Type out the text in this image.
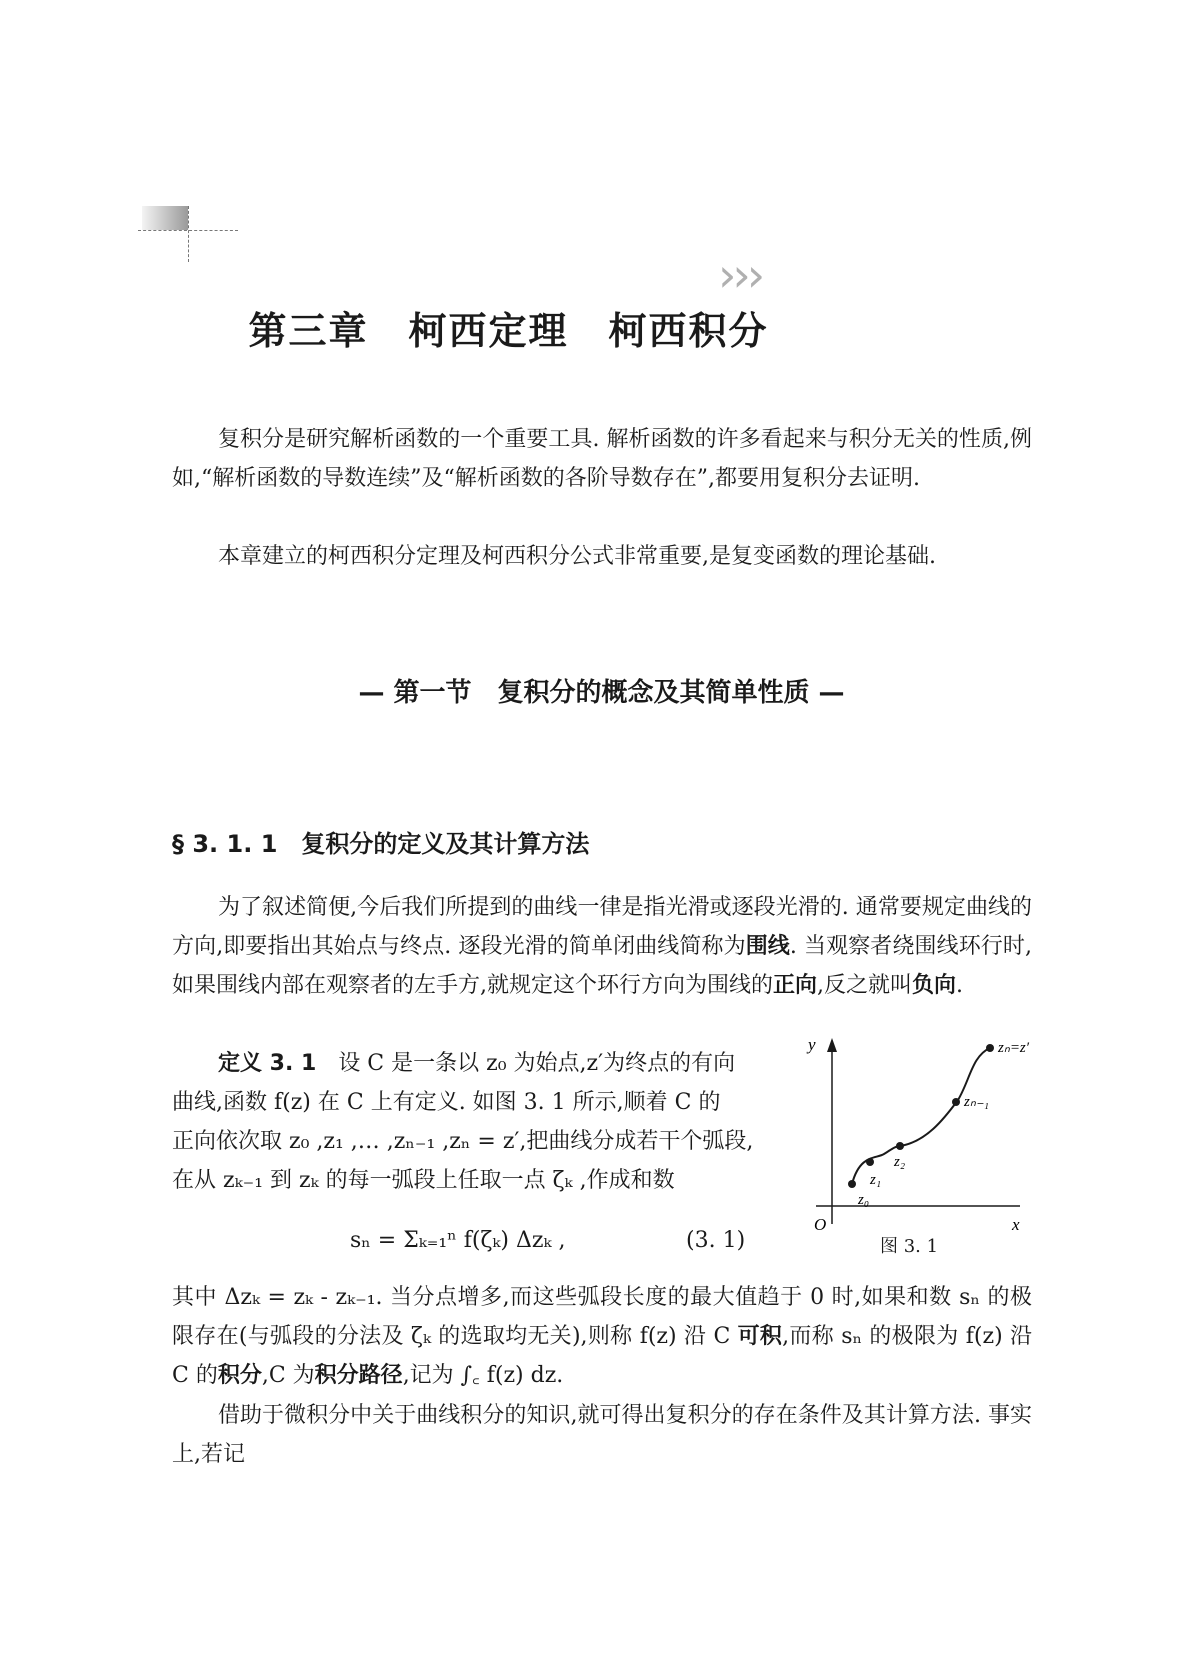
第三章　柯西定理　柯西积分

›››

复积分是研究解析函数的一个重要工具. 解析函数的许多看起来与积分无关的性质,例如,“解析函数的导数连续”及“解析函数的各阶导数存在”,都要用复积分去证明.

本章建立的柯西积分定理及柯西积分公式非常重要,是复变函数的理论基础.

— 第一节　复积分的概念及其简单性质 —
§ 3. 1. 1　复积分的定义及其计算方法

为了叙述简便,今后我们所提到的曲线一律是指光滑或逐段光滑的. 通常要规定曲线的方向,即要指出其始点与终点. 逐段光滑的简单闭曲线简称为围线. 当观察者绕围线环行时,如果围线内部在观察者的左手方,就规定这个环行方向为围线的正向,反之就叫负向.

定义 3. 1　 设 C 是一条以 z₀ 为始点,z′为终点的有向
曲线,函数 f(z) 在 C 上有定义. 如图 3. 1 所示,顺着 C 的
正向依次取 z₀ ,z₁ ,… ,zₙ₋₁ ,zₙ = z′,把曲线分成若干个弧段,
在从 zₖ₋₁ 到 zₖ 的每一弧段上任取一点 ζₖ ,作成和数
sₙ = Σₖ₌₁ⁿ f(ζₖ) Δzₖ ,	(3. 1)
y
x
O
z₀
z₁
z₂
zₙ₋₁
zₙ=z′
图 3. 1

其中 Δzₖ = zₖ - zₖ₋₁. 当分点增多,而这些弧段长度的最大值趋于 0 时,如果和数 sₙ 的极限存在(与弧段的分法及 ζₖ 的选取均无关),则称 f(z) 沿 C 可积,而称 sₙ 的极限为 f(z) 沿 C 的积分,C 为积分路径,记为 ∫꜀ f(z) dz.

借助于微积分中关于曲线积分的知识,就可得出复积分的存在条件及其计算方法. 事实上,若记
